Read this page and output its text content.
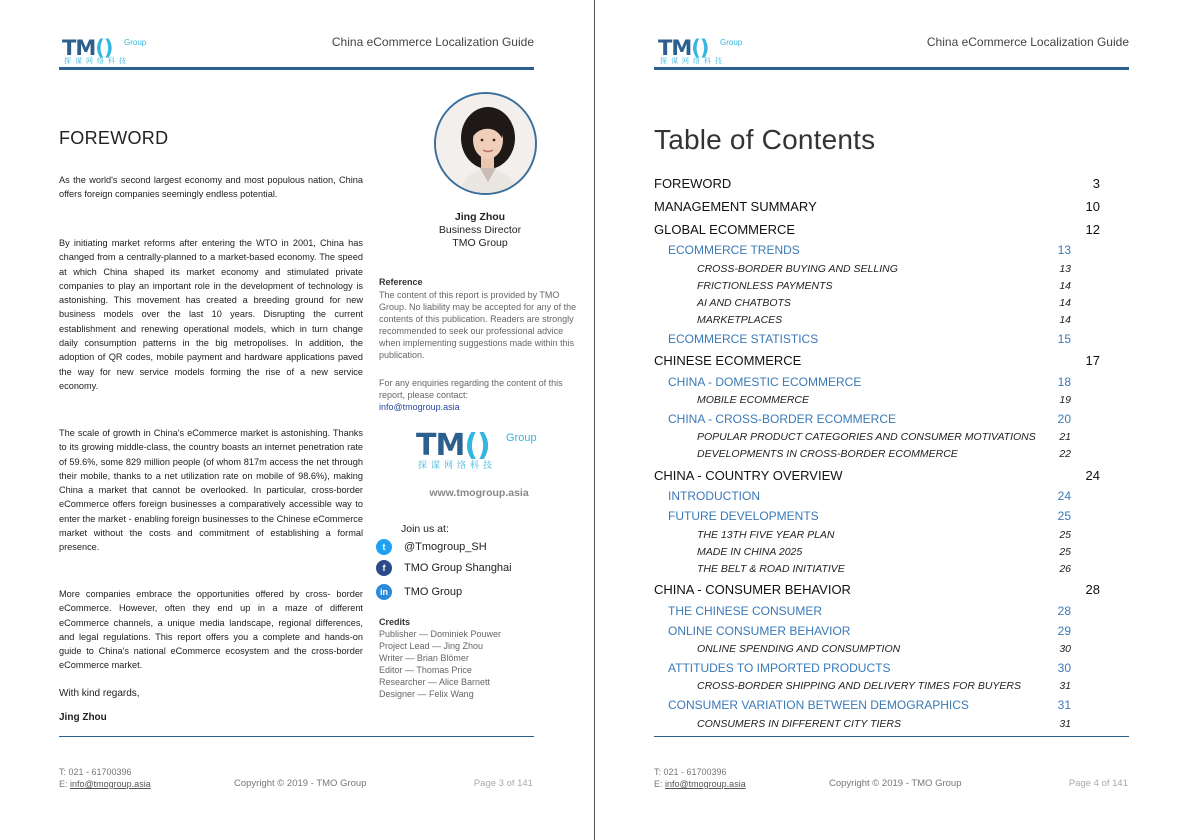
TM() Group
探谋网络科技
China eCommerce Localization Guide
FOREWORD

As the world's second largest economy and most populous nation, China offers foreign companies seemingly endless potential.

By initiating market reforms after entering the WTO in 2001, China has changed from a centrally-planned to a market-based economy. The speed at which China shaped its market economy and stimulated private companies to play an important role in the development of technology is astonishing. This movement has created a breeding ground for new business models over the last 10 years. Disrupting the current establishment and renewing operational models, which in turn change daily consumption patterns in the big metropolises. In addition, the adoption of QR codes, mobile payment and hardware applications paved the way for new service models forming the rise of a new service economy.

The scale of growth in China's eCommerce market is astonishing. Thanks to its growing middle-class, the country boasts an internet penetration rate of 59.6%, some 829 million people (of whom 817m access the net through their mobile, thanks to a net utilization rate on mobile of 98.6%), making China a market that cannot be overlooked. In particular, cross-border eCommerce offers foreign businesses a comparatively accessible way to enter the market - enabling foreign businesses to the Chinese eCommerce market without the costs and commitment of establishing a formal presence.

More companies embrace the opportunities offered by cross- border eCommerce. However, often they end up in a maze of different eCommerce channels, a unique media landscape, regional differences, and legal regulations. This report offers you a complete and hands-on guide to China's national eCommerce ecosystem and the cross-border eCommerce market.

With kind regards,
Jing Zhou
Jing Zhou
Business Director
TMO Group
Reference
The content of this report is provided by TMO Group. No liability may be accepted for any of the contents of this publication. Readers are strongly recommended to seek our professional advice when implementing suggestions made within this publication.
For any enquiries regarding the content of this report, please contact:
info@tmogroup.asia
TM() Group
探谋网络科技
www.tmogroup.asia
Join us at:
t	@Tmogroup_SH
f	TMO Group Shanghai
in	TMO Group
Credits
Publisher — Dominiek Pouwer
Project Lead — Jing Zhou
Writer — Brian Blömer
Editor — Thomas Price
Researcher — Alice Barnett
Designer — Felix Wang
T: 021 - 61700396
E: info@tmogroup.asia	Copyright © 2019 - TMO Group	Page 3 of 141
TM() Group
探谋网络科技
China eCommerce Localization Guide
Table of Contents
FOREWORD	3
MANAGEMENT SUMMARY	10
GLOBAL ECOMMERCE	12
ECOMMERCE TRENDS	13
CROSS-BORDER BUYING AND SELLING	13
FRICTIONLESS PAYMENTS	14
AI AND CHATBOTS	14
MARKETPLACES	14
ECOMMERCE STATISTICS	15
CHINESE ECOMMERCE	17
CHINA - DOMESTIC ECOMMERCE	18
MOBILE ECOMMERCE	19
CHINA - CROSS-BORDER ECOMMERCE	20
POPULAR PRODUCT CATEGORIES AND CONSUMER MOTIVATIONS 21
DEVELOPMENTS IN CROSS-BORDER ECOMMERCE	22
CHINA - COUNTRY OVERVIEW	24
INTRODUCTION	24
FUTURE DEVELOPMENTS	25
THE 13TH FIVE YEAR PLAN	25
MADE IN CHINA 2025	25
THE BELT & ROAD INITIATIVE	26
CHINA - CONSUMER BEHAVIOR	28
THE CHINESE CONSUMER	28
ONLINE CONSUMER BEHAVIOR	29
ONLINE SPENDING AND CONSUMPTION	30
ATTITUDES TO IMPORTED PRODUCTS	30
CROSS-BORDER SHIPPING AND DELIVERY TIMES FOR BUYERS	31
CONSUMER VARIATION BETWEEN DEMOGRAPHICS	31
CONSUMERS IN DIFFERENT CITY TIERS	31
T: 021 - 61700396
E: info@tmogroup.asia	Copyright © 2019 - TMO Group	Page 4 of 141
